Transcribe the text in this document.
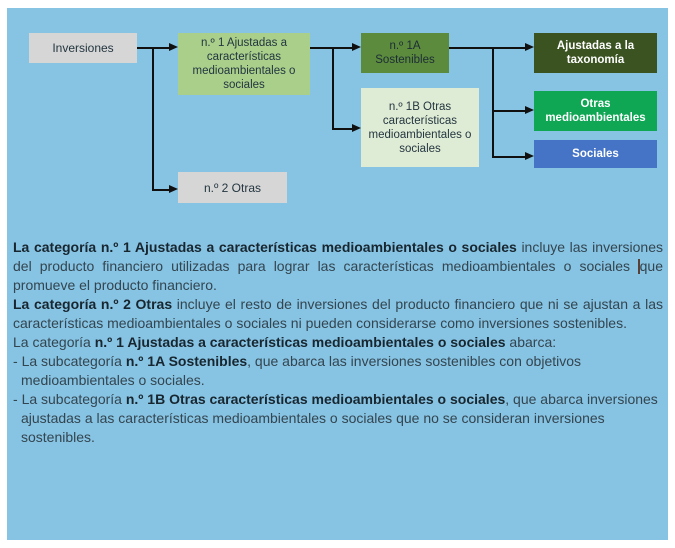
Inversiones	n.º 1 Ajustadas a características medioambientales o sociales
n.º 2 Otras
n.º 1A Sostenibles
n.º 1B Otras características medioambientales o sociales
Ajustadas a la taxonomía
Otras medioambientales
Sociales

La categoría n.º 1 Ajustadas a características medioambientales o sociales incluye las inversiones del producto financiero utilizadas para lograr las características medioambientales o sociales que promueve el producto financiero.

La categoría n.º 2 Otras incluye el resto de inversiones del producto financiero que ni se ajustan a las características medioambientales o sociales ni pueden considerarse como inversiones sostenibles.

La categoría n.º 1 Ajustadas a características medioambientales o sociales abarca:

- La subcategoría n.º 1A Sostenibles, que abarca las inversiones sostenibles con objetivos medioambientales o sociales.

- La subcategoría n.º 1B Otras características medioambientales o sociales, que abarca inversiones ajustadas a las características medioambientales o sociales que no se consideran inversiones sostenibles.
